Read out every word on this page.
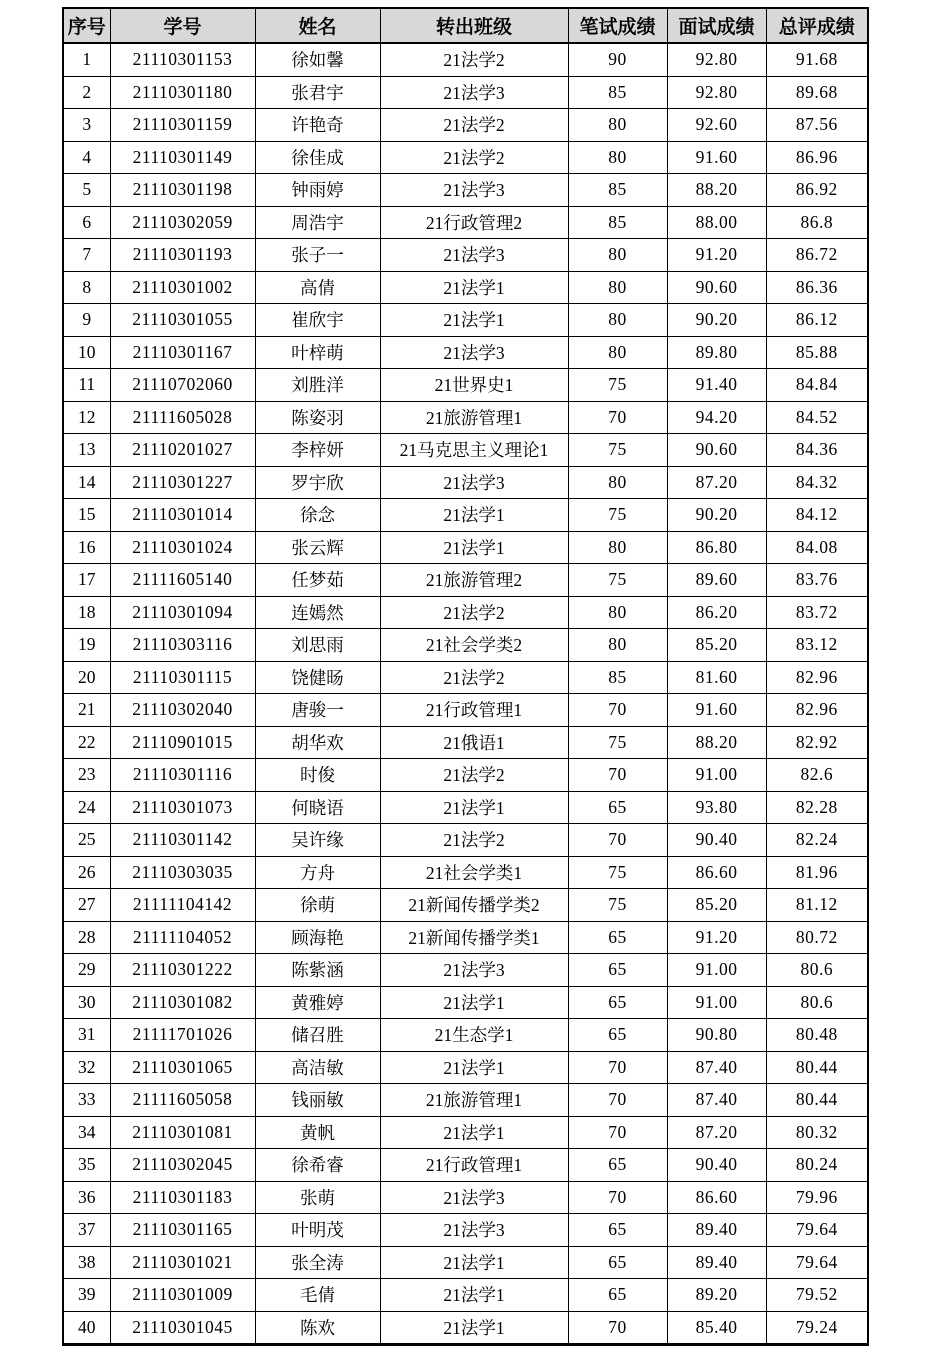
序号	学号	姓名	转出班级	笔试成绩	面试成绩	总评成绩
1	21110301153	徐如馨	21法学2	90	92.80	91.68
2	21110301180	张君宇	21法学3	85	92.80	89.68
3	21110301159	许艳奇	21法学2	80	92.60	87.56
4	21110301149	徐佳成	21法学2	80	91.60	86.96
5	21110301198	钟雨婷	21法学3	85	88.20	86.92
6	21110302059	周浩宇	21行政管理2	85	88.00	86.8
7	21110301193	张子一	21法学3	80	91.20	86.72
8	21110301002	高倩	21法学1	80	90.60	86.36
9	21110301055	崔欣宇	21法学1	80	90.20	86.12
10	21110301167	叶梓萌	21法学3	80	89.80	85.88
11	21110702060	刘胜洋	21世界史1	75	91.40	84.84
12	21111605028	陈姿羽	21旅游管理1	70	94.20	84.52
13	21110201027	李梓妍	21马克思主义理论1	75	90.60	84.36
14	21110301227	罗宇欣	21法学3	80	87.20	84.32
15	21110301014	徐念	21法学1	75	90.20	84.12
16	21110301024	张云辉	21法学1	80	86.80	84.08
17	21111605140	任梦茹	21旅游管理2	75	89.60	83.76
18	21110301094	连嫣然	21法学2	80	86.20	83.72
19	21110303116	刘思雨	21社会学类2	80	85.20	83.12
20	21110301115	饶健旸	21法学2	85	81.60	82.96
21	21110302040	唐骏一	21行政管理1	70	91.60	82.96
22	21110901015	胡华欢	21俄语1	75	88.20	82.92
23	21110301116	时俊	21法学2	70	91.00	82.6
24	21110301073	何晓语	21法学1	65	93.80	82.28
25	21110301142	吴许缘	21法学2	70	90.40	82.24
26	21110303035	方舟	21社会学类1	75	86.60	81.96
27	21111104142	徐萌	21新闻传播学类2	75	85.20	81.12
28	21111104052	顾海艳	21新闻传播学类1	65	91.20	80.72
29	21110301222	陈紫涵	21法学3	65	91.00	80.6
30	21110301082	黄雅婷	21法学1	65	91.00	80.6
31	21111701026	储召胜	21生态学1	65	90.80	80.48
32	21110301065	高洁敏	21法学1	70	87.40	80.44
33	21111605058	钱丽敏	21旅游管理1	70	87.40	80.44
34	21110301081	黄帆	21法学1	70	87.20	80.32
35	21110302045	徐希睿	21行政管理1	65	90.40	80.24
36	21110301183	张萌	21法学3	70	86.60	79.96
37	21110301165	叶明茂	21法学3	65	89.40	79.64
38	21110301021	张全涛	21法学1	65	89.40	79.64
39	21110301009	毛倩	21法学1	65	89.20	79.52
40	21110301045	陈欢	21法学1	70	85.40	79.24
